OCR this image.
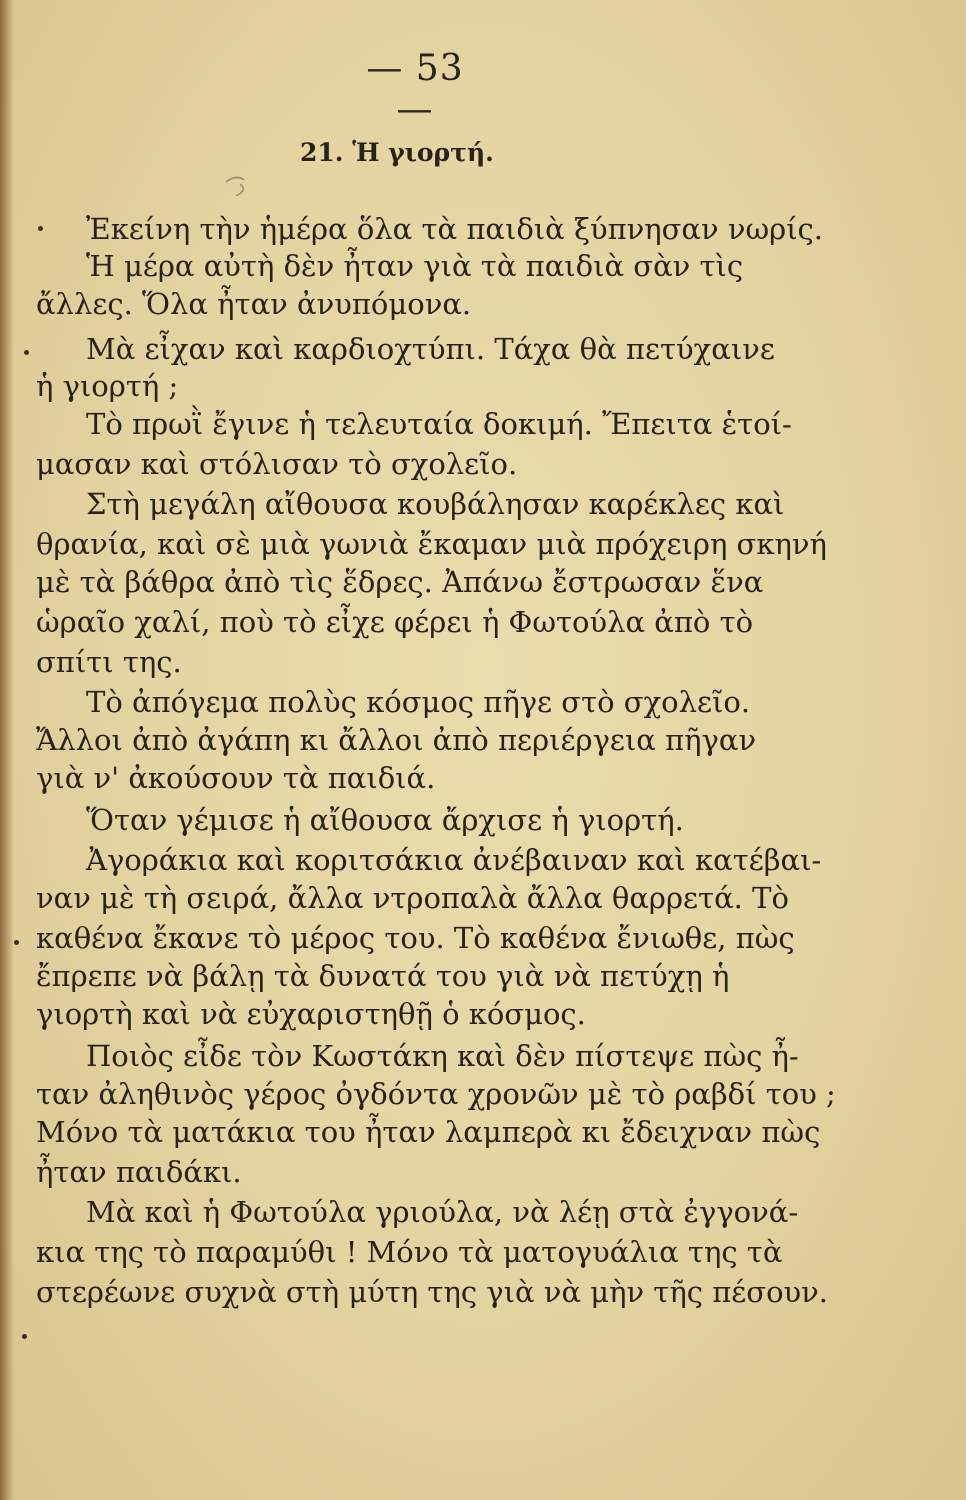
— 53 —
21. Ἡ γιορτή.
Ἐκείνη τὴν ἡμέρα ὅλα τὰ παιδιὰ ξύπνησαν νωρίς.
Ἡ μέρα αὐτὴ δὲν ἦταν γιὰ τὰ παιδιὰ σὰν τὶς
ἄλλες. Ὅλα ἦταν ἀνυπόμονα.
Μὰ εἶχαν καὶ καρδιοχτύπι. Τάχα θὰ πετύχαινε
ἡ γιορτή ;
Τὸ πρωῒ ἔγινε ἡ τελευταία δοκιμή. Ἔπειτα ἑτοί-
μασαν καὶ στόλισαν τὸ σχολεῖο.
Στὴ μεγάλη αἴθουσα κουβάλησαν καρέκλες καὶ
θρανία, καὶ σὲ μιὰ γωνιὰ ἔκαμαν μιὰ πρόχειρη σκηνή
μὲ τὰ βάθρα ἀπὸ τὶς ἕδρες. Ἀπάνω ἔστρωσαν ἕνα
ὡραῖο χαλί, ποὺ τὸ εἶχε φέρει ἡ Φωτούλα ἀπὸ τὸ
σπίτι της.
Τὸ ἀπόγεμα πολὺς κόσμος πῆγε στὸ σχολεῖο.
Ἄλλοι ἀπὸ ἀγάπη κι ἄλλοι ἀπὸ περιέργεια πῆγαν
γιὰ ν' ἀκούσουν τὰ παιδιά.
Ὅταν γέμισε ἡ αἴθουσα ἄρχισε ἡ γιορτή.
Ἀγοράκια καὶ κοριτσάκια ἀνέβαιναν καὶ κατέβαι-
ναν μὲ τὴ σειρά, ἄλλα ντροπαλὰ ἄλλα θαρρετά. Τὸ
καθένα ἔκανε τὸ μέρος του. Τὸ καθένα ἔνιωθε, πὼς
ἔπρεπε νὰ βάλῃ τὰ δυνατά του γιὰ νὰ πετύχῃ ἡ
γιορτὴ καὶ νὰ εὐχαριστηθῇ ὁ κόσμος.
Ποιὸς εἶδε τὸν Κωστάκη καὶ δὲν πίστεψε πὼς ἦ-
ταν ἀληθινὸς γέρος ὀγδόντα χρονῶν μὲ τὸ ραβδί του ;
Μόνο τὰ ματάκια του ἦταν λαμπερὰ κι ἔδειχναν πὼς
ἦταν παιδάκι.
Μὰ καὶ ἡ Φωτούλα γριούλα, νὰ λέῃ στὰ ἐγγονά-
κια της τὸ παραμύθι ! Μόνο τὰ ματογυάλια της τὰ
στερέωνε συχνὰ στὴ μύτη της γιὰ νὰ μὴν τῆς πέσουν.
